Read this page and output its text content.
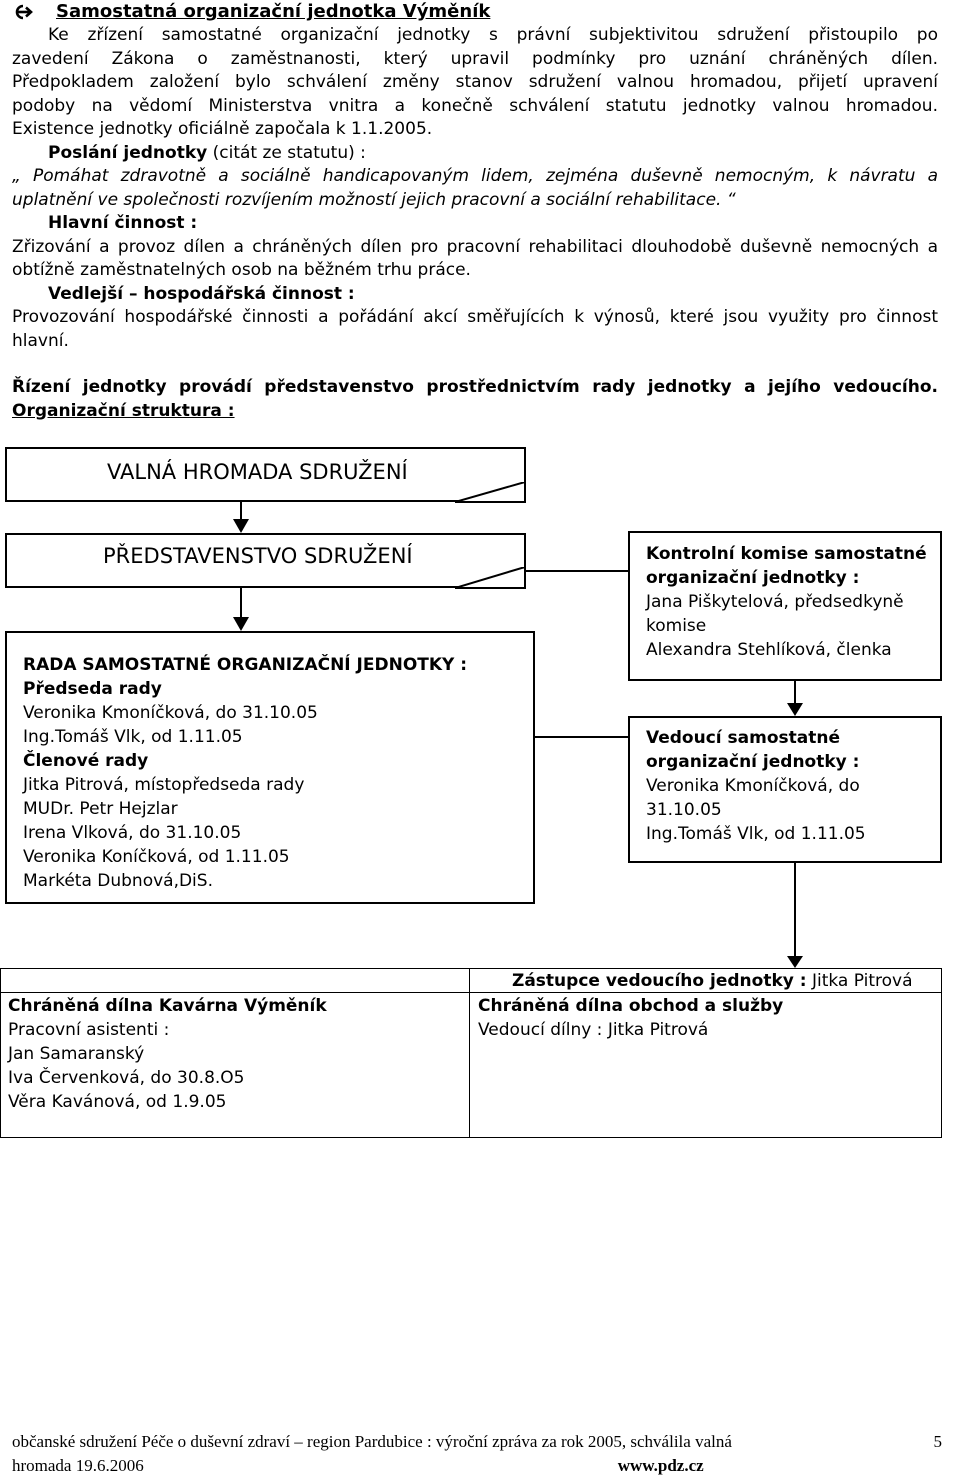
Samostatná organizační jednotka Výměník

Ke zřízení samostatné organizační jednotky s právní subjektivitou sdružení přistoupilo po

zavedení Zákona o zaměstnanosti, který upravil podmínky pro uznání chráněných dílen.

Předpokladem založení bylo schválení změny stanov sdružení valnou hromadou, přijetí upravení

podoby na vědomí Ministerstva vnitra a konečně schválení statutu jednotky valnou hromadou.

Existence jednotky oficiálně započala k 1.1.2005.

Poslání jednotky (citát ze statutu) :

„ Pomáhat zdravotně a sociálně handicapovaným lidem, zejména duševně nemocným, k návratu a uplatnění ve společnosti rozvíjením možností jejich pracovní a sociální rehabilitace. “

Hlavní činnost :

Zřizování a provoz dílen a chráněných dílen pro pracovní rehabilitaci dlouhodobě duševně nemocných a obtížně zaměstnatelných osob na běžném trhu práce.

Vedlejší – hospodářská činnost :

Provozování hospodářské činnosti a pořádání akcí směřujících k výnosů, které jsou využity pro činnost hlavní.

Řízení jednotky provádí představenstvo prostřednictvím rady jednotky a jejího vedoucího.

Organizační struktura :

VALNÁ HROMADA SDRUŽENÍ
PŘEDSTAVENSTVO SDRUŽENÍ
RADA SAMOSTATNÉ ORGANIZAČNÍ JEDNOTKY :
Předseda rady
Veronika Kmoníčková, do 31.10.05
Ing.Tomáš Vlk, od 1.11.05
Členové rady
Jitka Pitrová, místopředseda rady
MUDr. Petr Hejzlar
Irena Vlková, do 31.10.05
Veronika Koníčková, od 1.11.05
Markéta Dubnová,DiS.
Kontrolní komise samostatné
organizační jednotky :
Jana Piškytelová, předsedkyně
komise
Alexandra Stehlíková, členka
Vedoucí samostatné
organizační jednotky :
Veronika Kmoníčková, do
31.10.05
Ing.Tomáš Vlk, od 1.11.05
Zástupce vedoucího jednotky : Jitka Pitrová
Chráněná dílna Kavárna Výměník
Pracovní asistenti :
Jan Samaranský
Iva Červenková, do 30.8.O5
Věra Kavánová, od 1.9.05
Chráněná dílna obchod a služby
Vedoucí dílny : Jitka Pitrová
občanské sdružení Péče o duševní zdraví – region Pardubice : výroční zpráva za rok 2005, schválila valná	5
hromada 19.6.2006	www.pdz.cz
